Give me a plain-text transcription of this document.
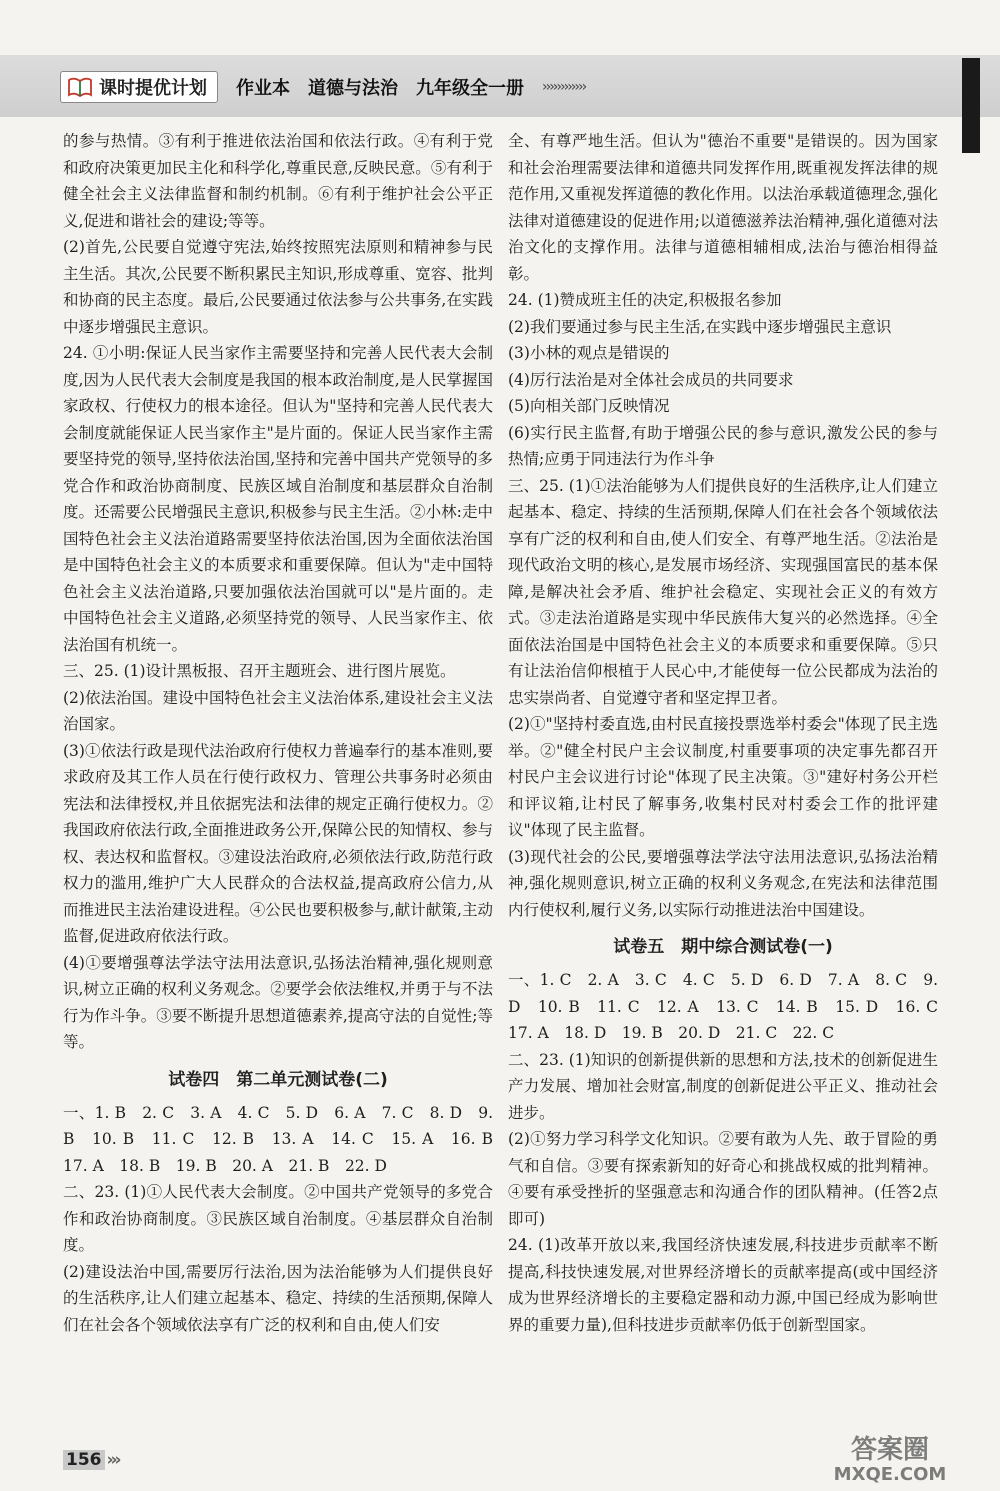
课时提优计划 作业本 道德与法治 九年级全一册 ››››››››››››

的参与热情。③有利于推进依法治国和依法行政。④有利于党和政府决策更加民主化和科学化,尊重民意,反映民意。⑤有利于健全社会主义法律监督和制约机制。⑥有利于维护社会公平正义,促进和谐社会的建设;等等。

(2)首先,公民要自觉遵守宪法,始终按照宪法原则和精神参与民主生活。其次,公民要不断积累民主知识,形成尊重、宽容、批判和协商的民主态度。最后,公民要通过依法参与公共事务,在实践中逐步增强民主意识。

24. ①小明:保证人民当家作主需要坚持和完善人民代表大会制度,因为人民代表大会制度是我国的根本政治制度,是人民掌握国家政权、行使权力的根本途径。但认为"坚持和完善人民代表大会制度就能保证人民当家作主"是片面的。保证人民当家作主需要坚持党的领导,坚持依法治国,坚持和完善中国共产党领导的多党合作和政治协商制度、民族区域自治制度和基层群众自治制度。还需要公民增强民主意识,积极参与民主生活。②小林:走中国特色社会主义法治道路需要坚持依法治国,因为全面依法治国是中国特色社会主义的本质要求和重要保障。但认为"走中国特色社会主义法治道路,只要加强依法治国就可以"是片面的。走中国特色社会主义道路,必须坚持党的领导、人民当家作主、依法治国有机统一。

三、25. (1)设计黑板报、召开主题班会、进行图片展览。

(2)依法治国。建设中国特色社会主义法治体系,建设社会主义法治国家。

(3)①依法行政是现代法治政府行使权力普遍奉行的基本准则,要求政府及其工作人员在行使行政权力、管理公共事务时必须由宪法和法律授权,并且依据宪法和法律的规定正确行使权力。②我国政府依法行政,全面推进政务公开,保障公民的知情权、参与权、表达权和监督权。③建设法治政府,必须依法行政,防范行政权力的滥用,维护广大人民群众的合法权益,提高政府公信力,从而推进民主法治建设进程。④公民也要积极参与,献计献策,主动监督,促进政府依法行政。

(4)①要增强尊法学法守法用法意识,弘扬法治精神,强化规则意识,树立正确的权利义务观念。②要学会依法维权,并勇于与不法行为作斗争。③要不断提升思想道德素养,提高守法的自觉性;等等。

试卷四　第二单元测试卷(二)

一、1. B　2. C　3. A　4. C　5. D　6. A　7. C　8. D　9. B　10. B　11. C　12. B　13. A　14. C　15. A　16. B　17. A　18. B　19. B　20. A　21. B　22. D

二、23. (1)①人民代表大会制度。②中国共产党领导的多党合作和政治协商制度。③民族区域自治制度。④基层群众自治制度。

(2)建设法治中国,需要厉行法治,因为法治能够为人们提供良好的生活秩序,让人们建立起基本、稳定、持续的生活预期,保障人们在社会各个领域依法享有广泛的权利和自由,使人们安

全、有尊严地生活。但认为"德治不重要"是错误的。因为国家和社会治理需要法律和道德共同发挥作用,既重视发挥法律的规范作用,又重视发挥道德的教化作用。以法治承载道德理念,强化法律对道德建设的促进作用;以道德滋养法治精神,强化道德对法治文化的支撑作用。法律与道德相辅相成,法治与德治相得益彰。

24. (1)赞成班主任的决定,积极报名参加

(2)我们要通过参与民主生活,在实践中逐步增强民主意识

(3)小林的观点是错误的

(4)厉行法治是对全体社会成员的共同要求

(5)向相关部门反映情况

(6)实行民主监督,有助于增强公民的参与意识,激发公民的参与热情;应勇于同违法行为作斗争

三、25. (1)①法治能够为人们提供良好的生活秩序,让人们建立起基本、稳定、持续的生活预期,保障人们在社会各个领域依法享有广泛的权利和自由,使人们安全、有尊严地生活。②法治是现代政治文明的核心,是发展市场经济、实现强国富民的基本保障,是解决社会矛盾、维护社会稳定、实现社会正义的有效方式。③走法治道路是实现中华民族伟大复兴的必然选择。④全面依法治国是中国特色社会主义的本质要求和重要保障。⑤只有让法治信仰根植于人民心中,才能使每一位公民都成为法治的忠实崇尚者、自觉遵守者和坚定捍卫者。

(2)①"坚持村委直选,由村民直接投票选举村委会"体现了民主选举。②"健全村民户主会议制度,村重要事项的决定事先都召开村民户主会议进行讨论"体现了民主决策。③"建好村务公开栏和评议箱,让村民了解事务,收集村民对村委会工作的批评建议"体现了民主监督。

(3)现代社会的公民,要增强尊法学法守法用法意识,弘扬法治精神,强化规则意识,树立正确的权利义务观念,在宪法和法律范围内行使权利,履行义务,以实际行动推进法治中国建设。

试卷五　期中综合测试卷(一)

一、1. C　2. A　3. C　4. C　5. D　6. D　7. A　8. C　9. D　10. B　11. C　12. A　13. C　14. B　15. D　16. C　17. A　18. D　19. B　20. D　21. C　22. C

二、23. (1)知识的创新提供新的思想和方法,技术的创新促进生产力发展、增加社会财富,制度的创新促进公平正义、推动社会进步。

(2)①努力学习科学文化知识。②要有敢为人先、敢于冒险的勇气和自信。③要有探索新知的好奇心和挑战权威的批判精神。④要有承受挫折的坚强意志和沟通合作的团队精神。(任答2点即可)

24. (1)改革开放以来,我国经济快速发展,科技进步贡献率不断提高,科技快速发展,对世界经济增长的贡献率提高(或中国经济成为世界经济增长的主要稳定器和动力源,中国已经成为影响世界的重要力量),但科技进步贡献率仍低于创新型国家。

156 ›››	答案圈
MXQE.COM
